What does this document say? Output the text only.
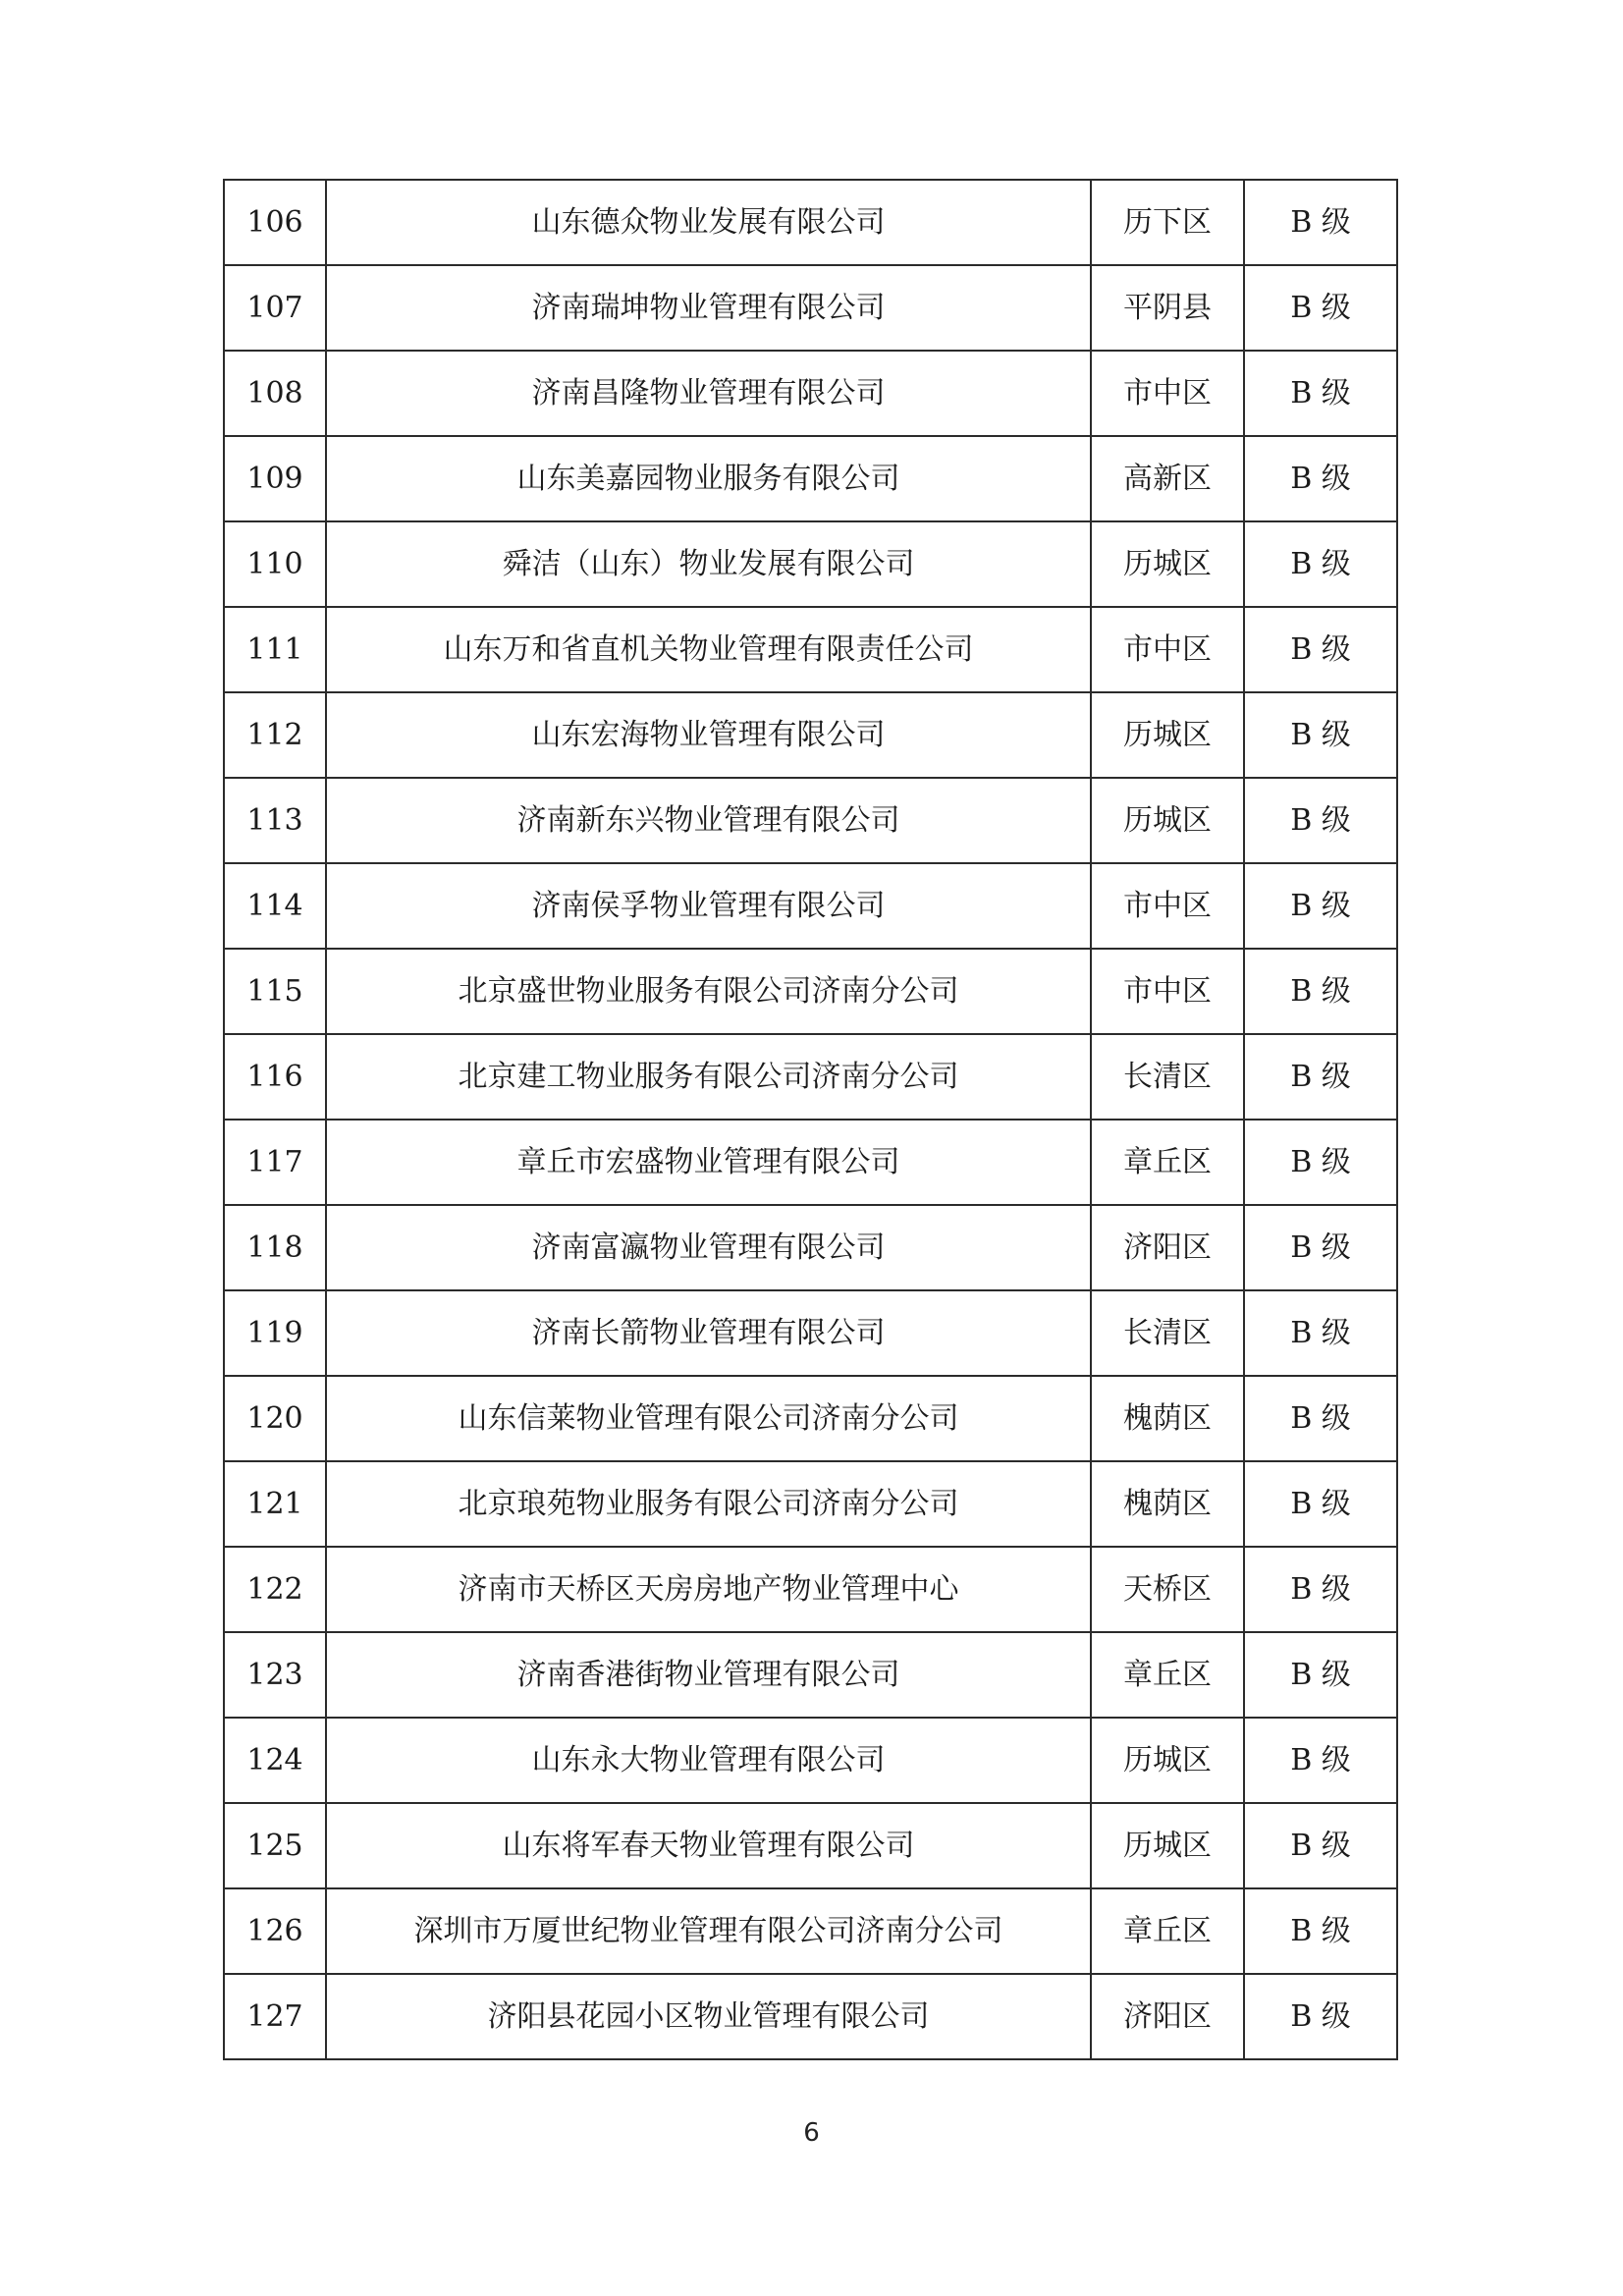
106	山东德众物业发展有限公司	历下区	B 级
107	济南瑞坤物业管理有限公司	平阴县	B 级
108	济南昌隆物业管理有限公司	市中区	B 级
109	山东美嘉园物业服务有限公司	高新区	B 级
110	舜洁（山东）物业发展有限公司	历城区	B 级
111	山东万和省直机关物业管理有限责任公司	市中区	B 级
112	山东宏海物业管理有限公司	历城区	B 级
113	济南新东兴物业管理有限公司	历城区	B 级
114	济南侯孚物业管理有限公司	市中区	B 级
115	北京盛世物业服务有限公司济南分公司	市中区	B 级
116	北京建工物业服务有限公司济南分公司	长清区	B 级
117	章丘市宏盛物业管理有限公司	章丘区	B 级
118	济南富瀛物业管理有限公司	济阳区	B 级
119	济南长箭物业管理有限公司	长清区	B 级
120	山东信莱物业管理有限公司济南分公司	槐荫区	B 级
121	北京琅苑物业服务有限公司济南分公司	槐荫区	B 级
122	济南市天桥区天房房地产物业管理中心	天桥区	B 级
123	济南香港街物业管理有限公司	章丘区	B 级
124	山东永大物业管理有限公司	历城区	B 级
125	山东将军春天物业管理有限公司	历城区	B 级
126	深圳市万厦世纪物业管理有限公司济南分公司	章丘区	B 级
127	济阳县花园小区物业管理有限公司	济阳区	B 级
6
